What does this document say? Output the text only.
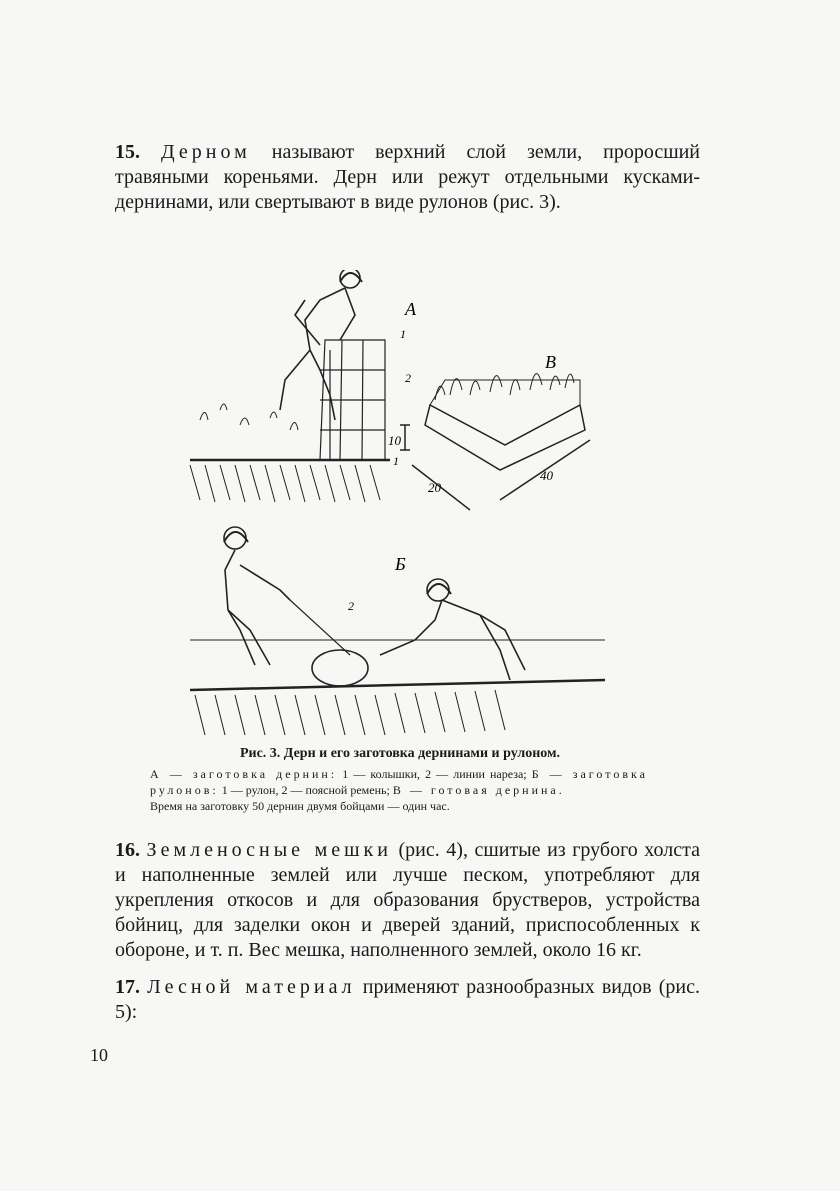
15. Дерном называют верхний слой земли, проросший травяными кореньями. Дерн или режут отдельными кусками-дернинами, или свертывают в виде рулонов (рис. 3).

А
1
2
1
В
10
20
40
Б
2
Рис. 3. Дерн и его заготовка дернинами и рулоном.
А — заготовка дернин: 1 — колышки, 2 — линии нареза; Б — заготовка рулонов: 1 — рулон, 2 — поясной ремень; В — готовая дернина.
Время на заготовку 50 дернин двумя бойцами — один час.

16. Земленосные мешки (рис. 4), сшитые из грубого холста и наполненные землей или лучше песком, употребляют для укрепления откосов и для образования брустверов, устройства бойниц, для заделки окон и дверей зданий, приспособленных к обороне, и т. п. Вес мешка, наполненного землей, около 16 кг.

17. Лесной материал применяют разнообразных видов (рис. 5):

10
